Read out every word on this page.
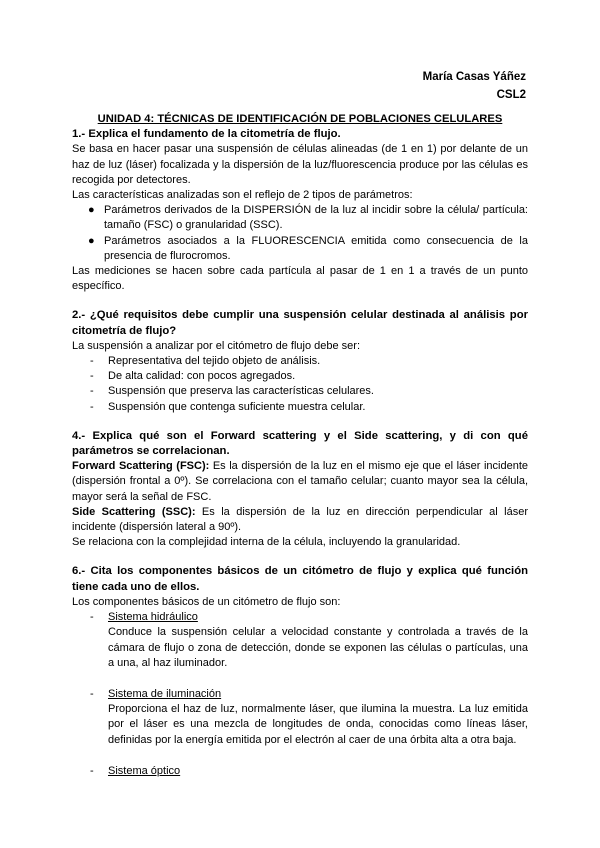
María Casas Yáñez
CSL2
UNIDAD 4: TÉCNICAS DE IDENTIFICACIÓN DE POBLACIONES CELULARES

1.- Explica el fundamento de la citometría de flujo.

Se basa en hacer pasar una suspensión de células alineadas (de 1 en 1) por delante de un haz de luz (láser) focalizada y la dispersión de la luz/fluorescencia produce por las células es recogida por detectores.

Las características analizadas son el reflejo de 2 tipos de parámetros:

● Parámetros derivados de la DISPERSIÓN de la luz al incidir sobre la célula/ partícula: tamaño (FSC) o granularidad (SSC).
● Parámetros asociados a la FLUORESCENCIA emitida como consecuencia de la presencia de flurocromos.

Las mediciones se hacen sobre cada partícula al pasar de 1 en 1 a través de un punto específico.

2.- ¿Qué requisitos debe cumplir una suspensión celular destinada al análisis por citometría de flujo?

La suspensión a analizar por el citómetro de flujo debe ser:

- Representativa del tejido objeto de análisis.
- De alta calidad: con pocos agregados.
- Suspensión que preserva las características celulares.
- Suspensión que contenga suficiente muestra celular.

4.- Explica qué son el Forward scattering y el Side scattering, y di con qué parámetros se correlacionan.

Forward Scattering (FSC): Es la dispersión de la luz en el mismo eje que el láser incidente (dispersión frontal a 0º). Se correlaciona con el tamaño celular; cuanto mayor sea la célula, mayor será la señal de FSC.

Side Scattering (SSC): Es la dispersión de la luz en dirección perpendicular al láser incidente (dispersión lateral a 90º).

Se relaciona con la complejidad interna de la célula, incluyendo la granularidad.

6.- Cita los componentes básicos de un citómetro de flujo y explica qué función tiene cada uno de ellos.

Los componentes básicos de un citómetro de flujo son:

- Sistema hidráulico
Conduce la suspensión celular a velocidad constante y controlada a través de la cámara de flujo o zona de detección, donde se exponen las células o partículas, una a una, al haz iluminador.
- Sistema de iluminación
Proporciona el haz de luz, normalmente láser, que ilumina la muestra. La luz emitida por el láser es una mezcla de longitudes de onda, conocidas como líneas láser, definidas por la energía emitida por el electrón al caer de una órbita alta a otra baja.
- Sistema óptico
